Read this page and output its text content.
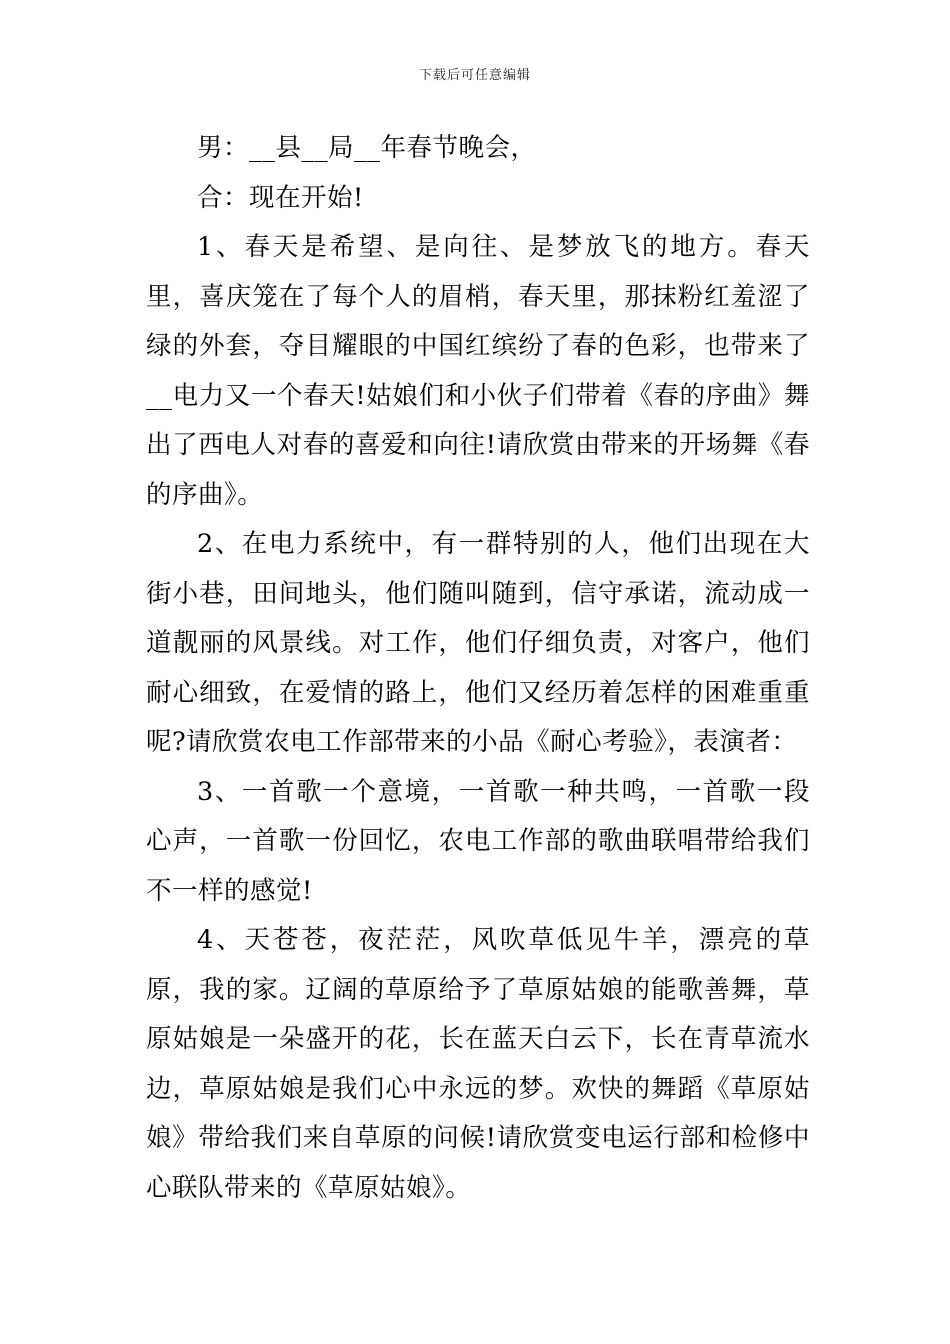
下载后可任意编辑

男：__县__局__年春节晚会，

合：现在开始!

1、春天是希望、是向往、是梦放飞的地方。春天里，喜庆笼在了每个人的眉梢，春天里，那抹粉红羞涩了绿的外套，夺目耀眼的中国红缤纷了春的色彩，也带来了__电力又一个春天!姑娘们和小伙子们带着《春的序曲》舞出了西电人对春的喜爱和向往!请欣赏由带来的开场舞《春的序曲》。

2、在电力系统中，有一群特别的人，他们出现在大街小巷，田间地头，他们随叫随到，信守承诺，流动成一道靓丽的风景线。对工作，他们仔细负责，对客户，他们耐心细致，在爱情的路上，他们又经历着怎样的困难重重呢?请欣赏农电工作部带来的小品《耐心考验》，表演者：

3、一首歌一个意境，一首歌一种共鸣，一首歌一段心声，一首歌一份回忆，农电工作部的歌曲联唱带给我们不一样的感觉!

4、天苍苍，夜茫茫，风吹草低见牛羊，漂亮的草原，我的家。辽阔的草原给予了草原姑娘的能歌善舞，草原姑娘是一朵盛开的花，长在蓝天白云下，长在青草流水边，草原姑娘是我们心中永远的梦。欢快的舞蹈《草原姑娘》带给我们来自草原的问候!请欣赏变电运行部和检修中心联队带来的《草原姑娘》。
